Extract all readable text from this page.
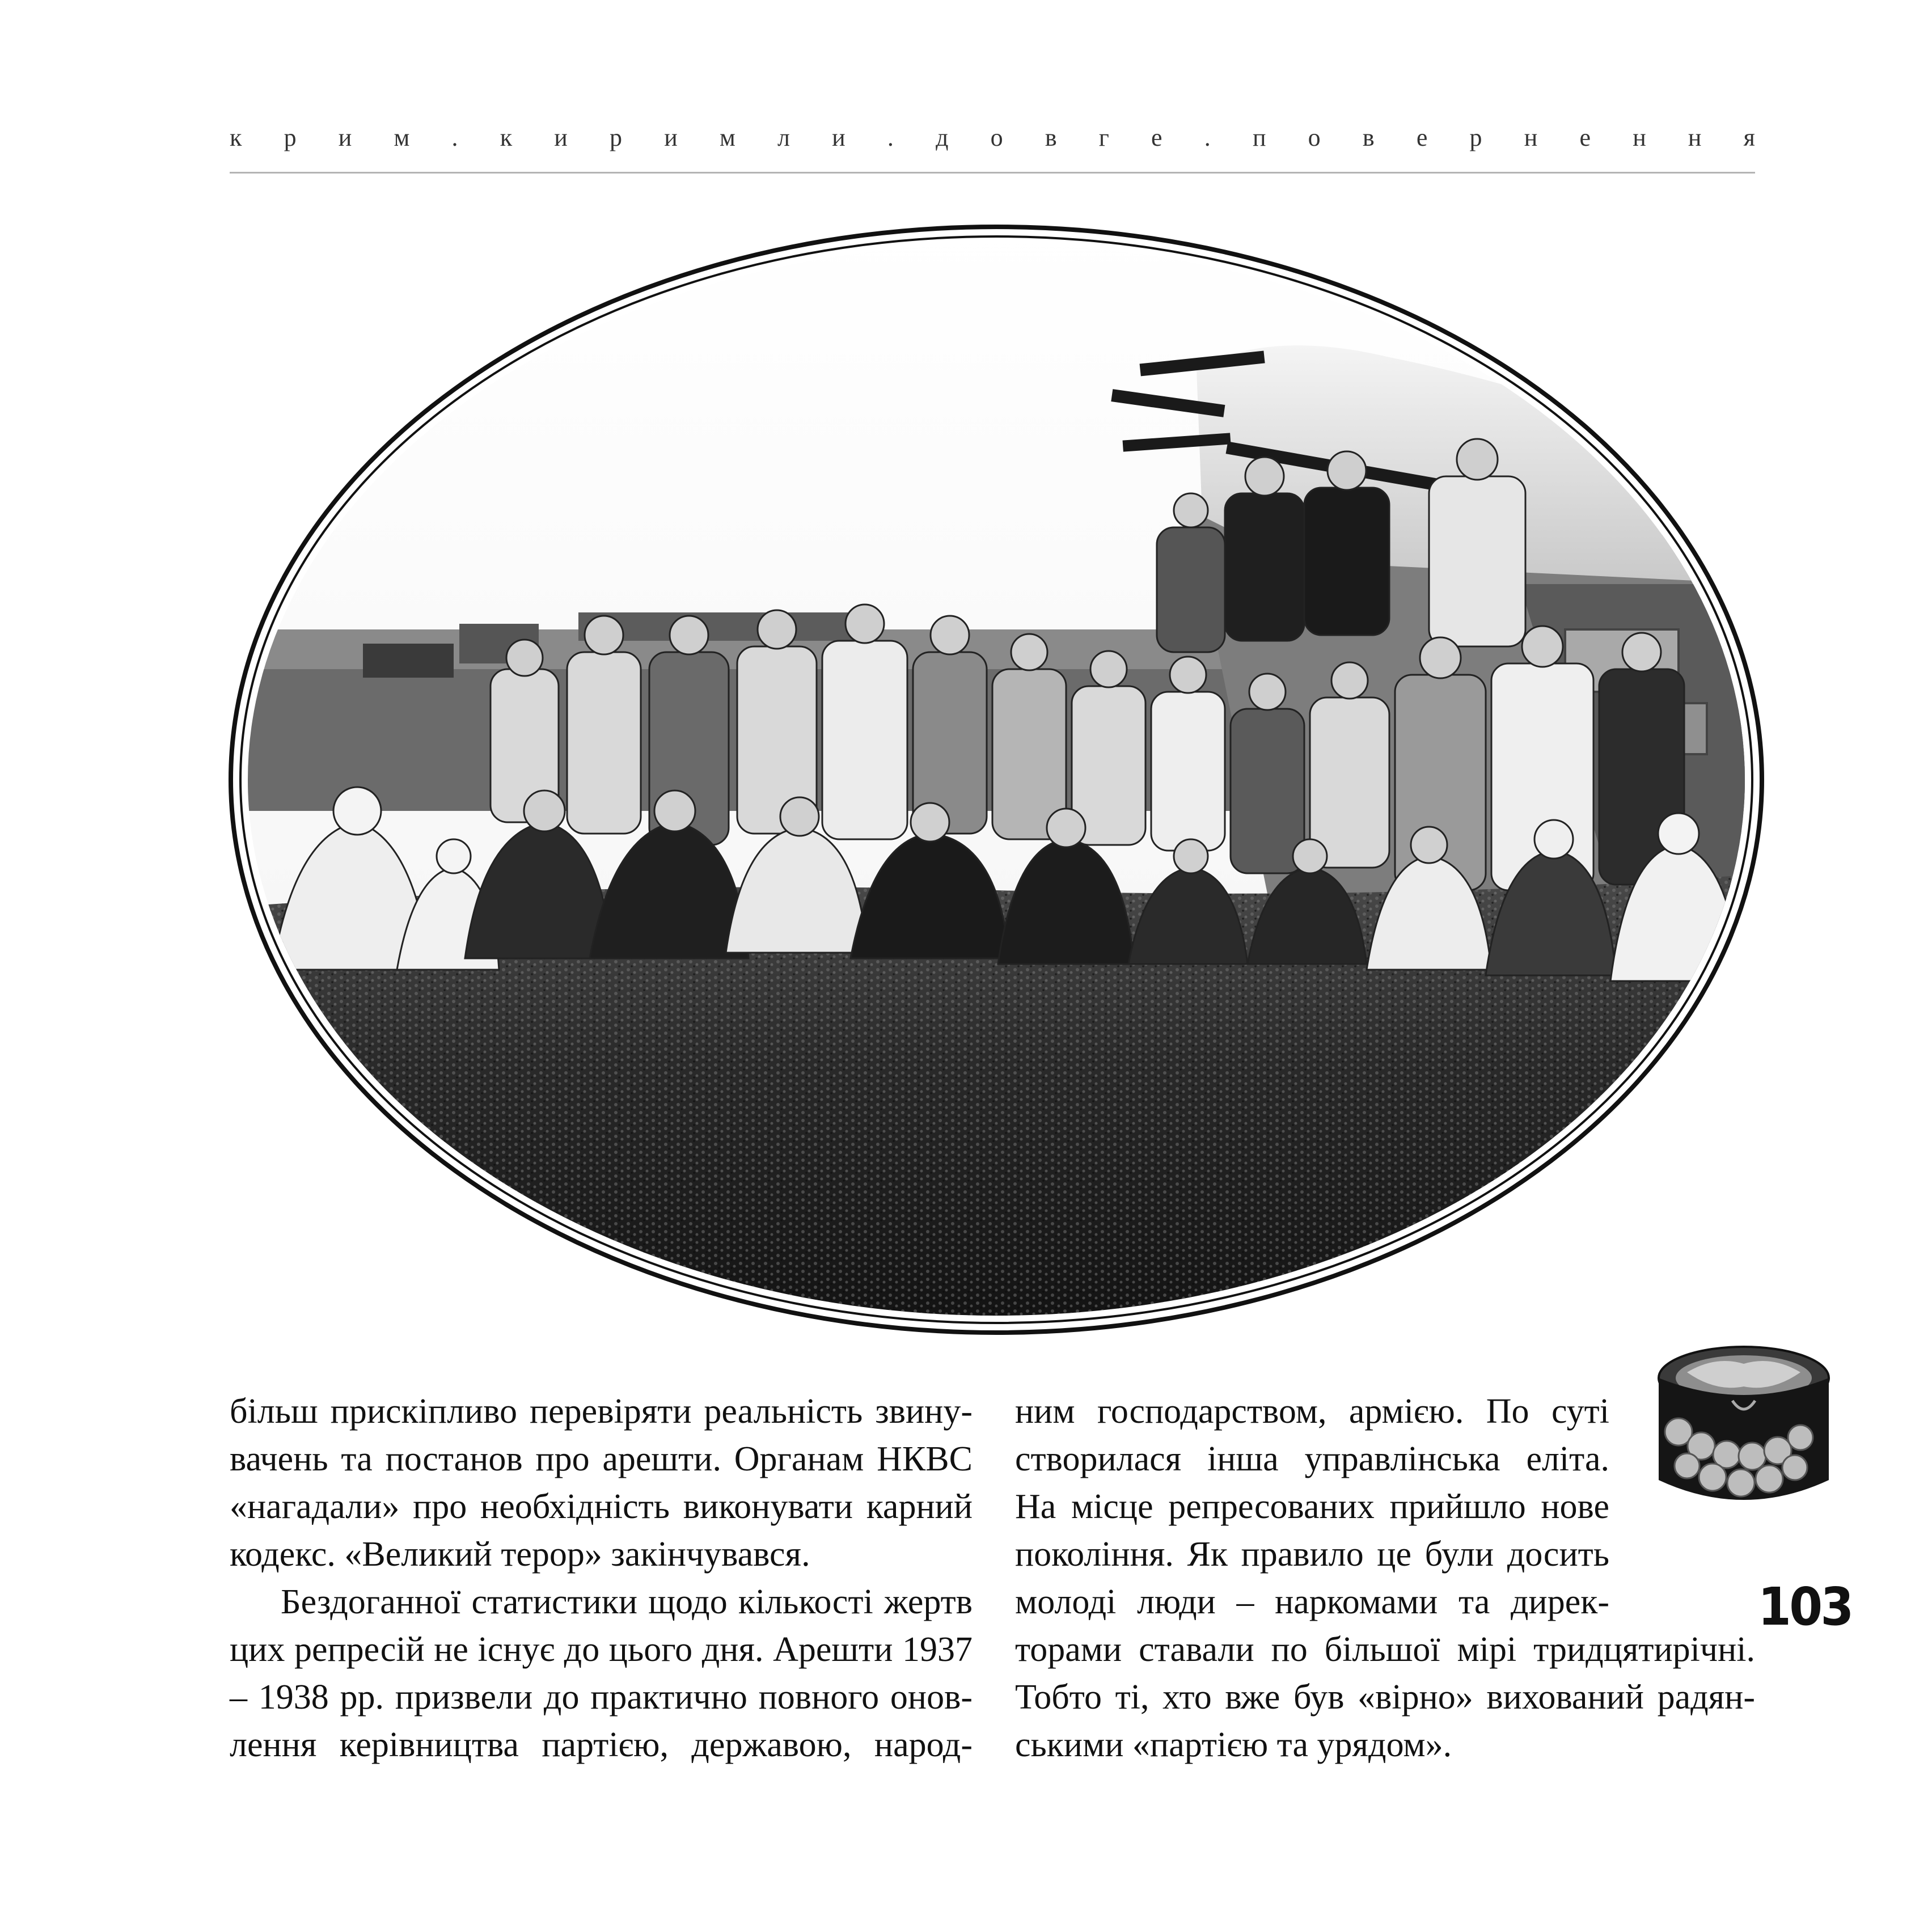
к р и м . к и р и м л и . д о в г е . п о в е р н е н н я
більш прискіпливо перевіряти реальність звину-
вачень та постанов про арешти. Органам НКВС
«нагадали» про необхідність виконувати карний
кодекс. «Великий терор» закінчувався.
Бездоганної статистики щодо кількості жертв
цих репресій не існує до цього дня. Арешти 1937
– 1938 рр. призвели до практично повного онов-
лення керівництва партією, державою, народ-
ним господарством, армією. По суті
створилася інша управлінська еліта.
На місце репресованих прийшло нове
покоління. Як правило це були досить
молоді люди – наркомами та дирек-
торами ставали по більшої мірі тридцятирічні.
Тобто ті, хто вже був «вірно» вихований радян-
ськими «партією та урядом».
103
